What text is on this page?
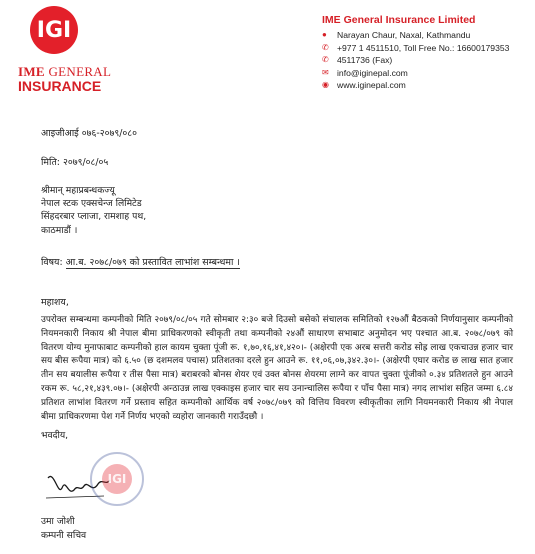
IGI
IME GENERAL
INSURANCE
IME General Insurance Limited
●	Narayan Chaur, Naxal, Kathmandu
✆ +977 1 4511510, Toll Free No.: 16600179353
✆ 4511736 (Fax)
✉ info@iginepal.com
◉ www.iginepal.com
आइजीआई ०७६-२०७९/०८०
मिति: २०७९/०८/०५
श्रीमान् महाप्रबन्धकज्यू
नेपाल स्टक एक्सचेन्ज लिमिटेड
सिंहदरबार प्लाजा, रामशाह पथ,
काठमाडौं ।
विषय: आ.ब. २०७८/०७९ को प्रस्तावित लाभांश सम्बन्धमा ।
महाशय,
उपरोक्त सम्बन्धमा कम्पनीको मिति २०७९/०८/०५ गते सोमबार २:३० बजे दिउसो बसेको संचालक समितिको १२७औं बैठकको निर्णयानुसार कम्पनीको नियमनकारी निकाय श्री नेपाल बीमा प्राधिकरणको स्वीकृती तथा कम्पनीको २४औं साधारण सभाबाट अनुमोदन भए पश्चात आ.ब. २०७८/०७९ को वितरण योग्य मुनाफाबाट कम्पनीको हाल कायम चुक्ता पूंजी रू. १,७०,१६,४१,४२०।- (अक्षेरपी एक अरब सत्तरी करोड सोह्र लाख एकचाउन्न हजार चार सय बीस रूपैया मात्र) को ६.५० (छ दशमलव पचास) प्रतिशतका दरले हुन आउने रू. ११,०६,०७,३४२.३०।- (अक्षेरपी एघार करोड छ लाख सात हजार तीन सय बयालीस रूपैया र तीस पैसा मात्र) बराबरको बोनस शेयर एवं उक्त बोनस शेयरमा लाग्ने कर वापत चुक्ता पूंजीको ०.३४ प्रतिशतले हुन आउने रकम रू. ५८,२१,४३९.०७।- (अक्षेरपी अन्ठाउन्न लाख एक्काइस हजार चार सय उनान्चालिस रूपैया र पाँच पैसा मात्र) नगद लाभांश सहित जम्मा ६.८४ प्रतिशत लाभांश वितरण गर्ने प्रस्ताव सहित कम्पनीको आर्थिक वर्ष २०७८/०७९ को वित्तिय विवरण स्वीकृतीका लागि नियमनकारी निकाय श्री नेपाल बीमा प्राधिकरणमा पेश गर्ने निर्णय भएको व्यहोरा जानकारी गराउँदछौ ।
भवदीय,
IGI
उमा जोशी
कम्पनी सचिव
